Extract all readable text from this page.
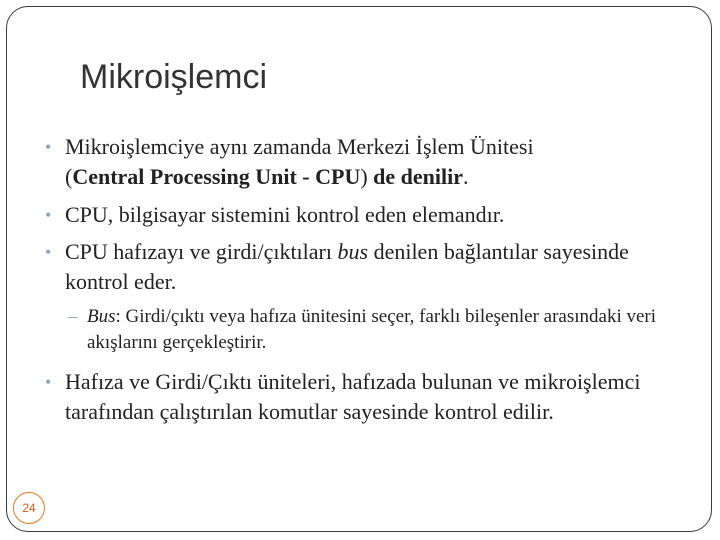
Mikroişlemci
• Mikroişlemciye aynı zamanda Merkezi İşlem Ünitesi
(Central Processing Unit - CPU) de denilir.
• CPU, bilgisayar sistemini kontrol eden elemandır.
• CPU hafızayı ve girdi/çıktıları bus denilen bağlantılar sayesinde kontrol eder.
– Bus: Girdi/çıktı veya hafıza ünitesini seçer, farklı bileşenler arasındaki veri akışlarını gerçekleştirir.
• Hafıza ve Girdi/Çıktı üniteleri, hafızada bulunan ve mikroişlemci tarafından çalıştırılan komutlar sayesinde kontrol edilir.
24
